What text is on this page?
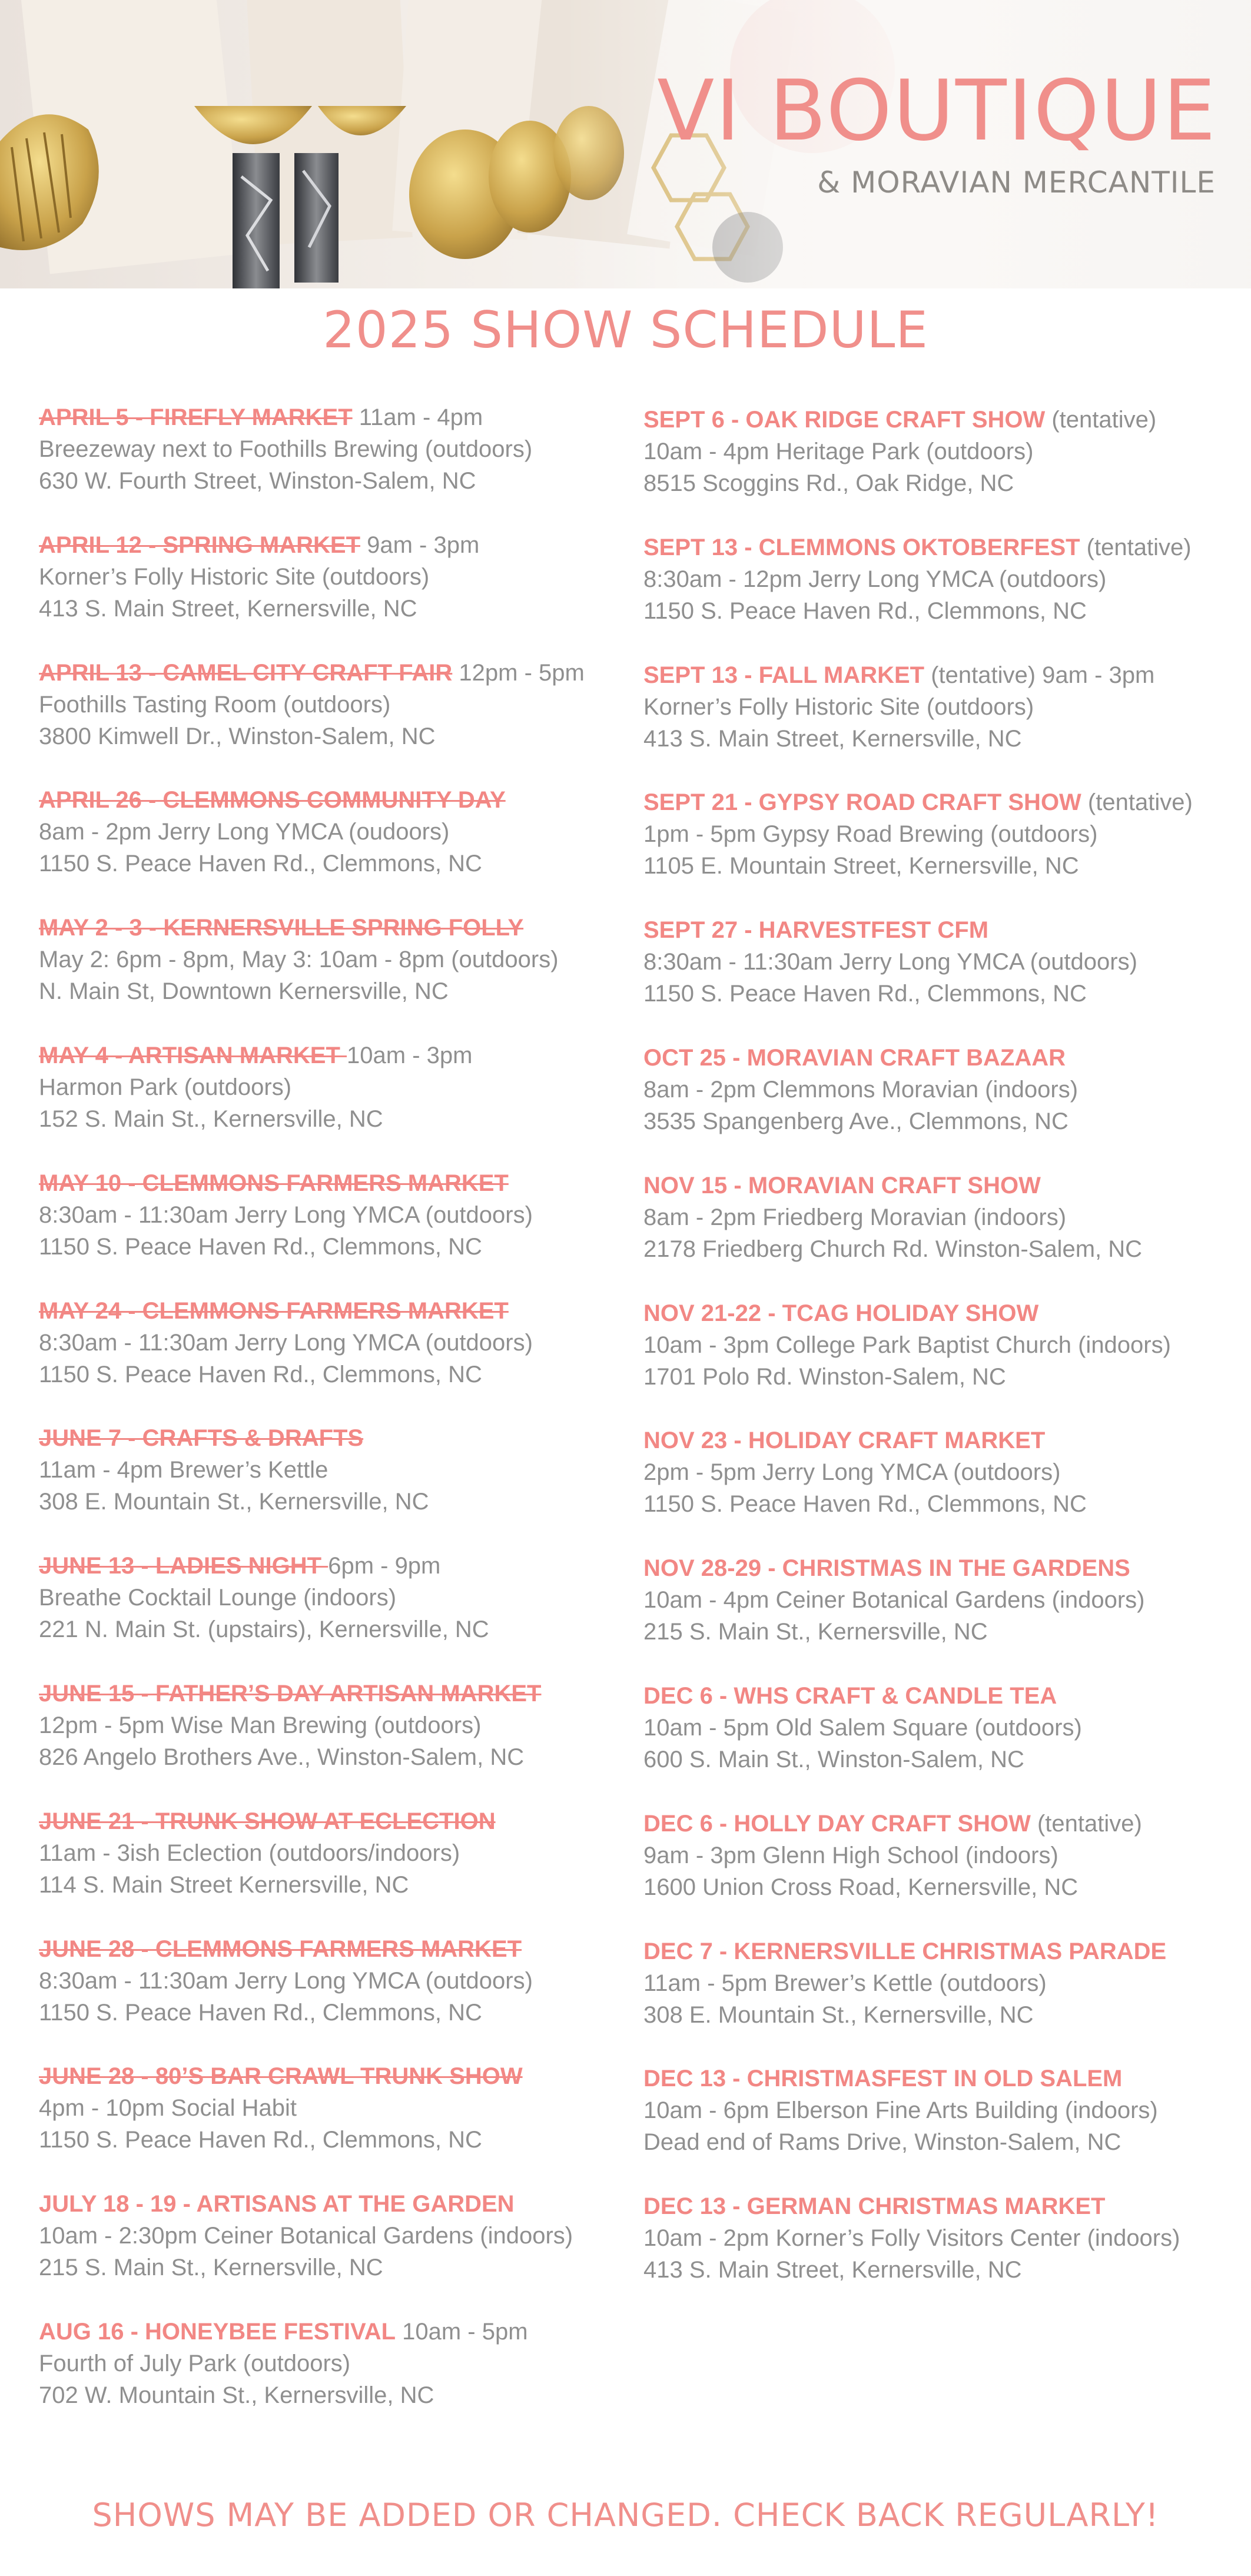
VI BOUTIQUE
& MORAVIAN MERCANTILE
2025 SHOW SCHEDULE
APRIL 5 - FIREFLY MARKET 11am - 4pm
Breezeway next to Foothills Brewing (outdoors)
630 W. Fourth Street, Winston-Salem, NC
APRIL 12 - SPRING MARKET 9am - 3pm
Korner’s Folly Historic Site (outdoors)
413 S. Main Street, Kernersville, NC
APRIL 13 - CAMEL CITY CRAFT FAIR 12pm - 5pm
Foothills Tasting Room (outdoors)
3800 Kimwell Dr., Winston-Salem, NC
APRIL 26 - CLEMMONS COMMUNITY DAY
8am - 2pm Jerry Long YMCA (oudoors)
1150 S. Peace Haven Rd., Clemmons, NC
MAY 2 - 3 - KERNERSVILLE SPRING FOLLY
May 2: 6pm - 8pm, May 3: 10am - 8pm (outdoors)
N. Main St, Downtown Kernersville, NC
MAY 4 - ARTISAN MARKET 10am - 3pm
Harmon Park (outdoors)
152 S. Main St., Kernersville, NC
MAY 10 - CLEMMONS FARMERS MARKET
8:30am - 11:30am Jerry Long YMCA (outdoors)
1150 S. Peace Haven Rd., Clemmons, NC
MAY 24 - CLEMMONS FARMERS MARKET
8:30am - 11:30am Jerry Long YMCA (outdoors)
1150 S. Peace Haven Rd., Clemmons, NC
JUNE 7 - CRAFTS & DRAFTS
11am - 4pm Brewer’s Kettle
308 E. Mountain St., Kernersville, NC
JUNE 13 - LADIES NIGHT 6pm - 9pm
Breathe Cocktail Lounge (indoors)
221 N. Main St. (upstairs), Kernersville, NC
JUNE 15 - FATHER’S DAY ARTISAN MARKET
12pm - 5pm Wise Man Brewing (outdoors)
826 Angelo Brothers Ave., Winston-Salem, NC
JUNE 21 - TRUNK SHOW AT ECLECTION
11am - 3ish Eclection (outdoors/indoors)
114 S. Main Street Kernersville, NC
JUNE 28 - CLEMMONS FARMERS MARKET
8:30am - 11:30am Jerry Long YMCA (outdoors)
1150 S. Peace Haven Rd., Clemmons, NC
JUNE 28 - 80’S BAR CRAWL TRUNK SHOW
4pm - 10pm Social Habit
1150 S. Peace Haven Rd., Clemmons, NC
JULY 18 - 19 - ARTISANS AT THE GARDEN
10am - 2:30pm Ceiner Botanical Gardens (indoors)
215 S. Main St., Kernersville, NC
AUG 16 - HONEYBEE FESTIVAL 10am - 5pm
Fourth of July Park (outdoors)
702 W. Mountain St., Kernersville, NC
SEPT 6 - OAK RIDGE CRAFT SHOW (tentative)
10am - 4pm Heritage Park (outdoors)
8515 Scoggins Rd., Oak Ridge, NC
SEPT 13 - CLEMMONS OKTOBERFEST (tentative)
8:30am - 12pm Jerry Long YMCA (outdoors)
1150 S. Peace Haven Rd., Clemmons, NC
SEPT 13 - FALL MARKET (tentative) 9am - 3pm
Korner’s Folly Historic Site (outdoors)
413 S. Main Street, Kernersville, NC
SEPT 21 - GYPSY ROAD CRAFT SHOW (tentative)
1pm - 5pm Gypsy Road Brewing (outdoors)
1105 E. Mountain Street, Kernersville, NC
SEPT 27 - HARVESTFEST CFM
8:30am - 11:30am Jerry Long YMCA (outdoors)
1150 S. Peace Haven Rd., Clemmons, NC
OCT 25 - MORAVIAN CRAFT BAZAAR
8am - 2pm Clemmons Moravian (indoors)
3535 Spangenberg Ave., Clemmons, NC
NOV 15 - MORAVIAN CRAFT SHOW
8am - 2pm Friedberg Moravian (indoors)
2178 Friedberg Church Rd. Winston-Salem, NC
NOV 21-22 - TCAG HOLIDAY SHOW
10am - 3pm College Park Baptist Church (indoors)
1701 Polo Rd. Winston-Salem, NC
NOV 23 - HOLIDAY CRAFT MARKET
2pm - 5pm Jerry Long YMCA (outdoors)
1150 S. Peace Haven Rd., Clemmons, NC
NOV 28-29 - CHRISTMAS IN THE GARDENS
10am - 4pm Ceiner Botanical Gardens (indoors)
215 S. Main St., Kernersville, NC
DEC 6 - WHS CRAFT & CANDLE TEA
10am - 5pm Old Salem Square (outdoors)
600 S. Main St., Winston-Salem, NC
DEC 6 - HOLLY DAY CRAFT SHOW (tentative)
9am - 3pm Glenn High School (indoors)
1600 Union Cross Road, Kernersville, NC
DEC 7 - KERNERSVILLE CHRISTMAS PARADE
11am - 5pm Brewer’s Kettle (outdoors)
308 E. Mountain St., Kernersville, NC
DEC 13 - CHRISTMASFEST IN OLD SALEM
10am - 6pm Elberson Fine Arts Building (indoors)
Dead end of Rams Drive, Winston-Salem, NC
DEC 13 - GERMAN CHRISTMAS MARKET
10am - 2pm Korner’s Folly Visitors Center (indoors)
413 S. Main Street, Kernersville, NC
SHOWS MAY BE ADDED OR CHANGED. CHECK BACK REGULARLY!
